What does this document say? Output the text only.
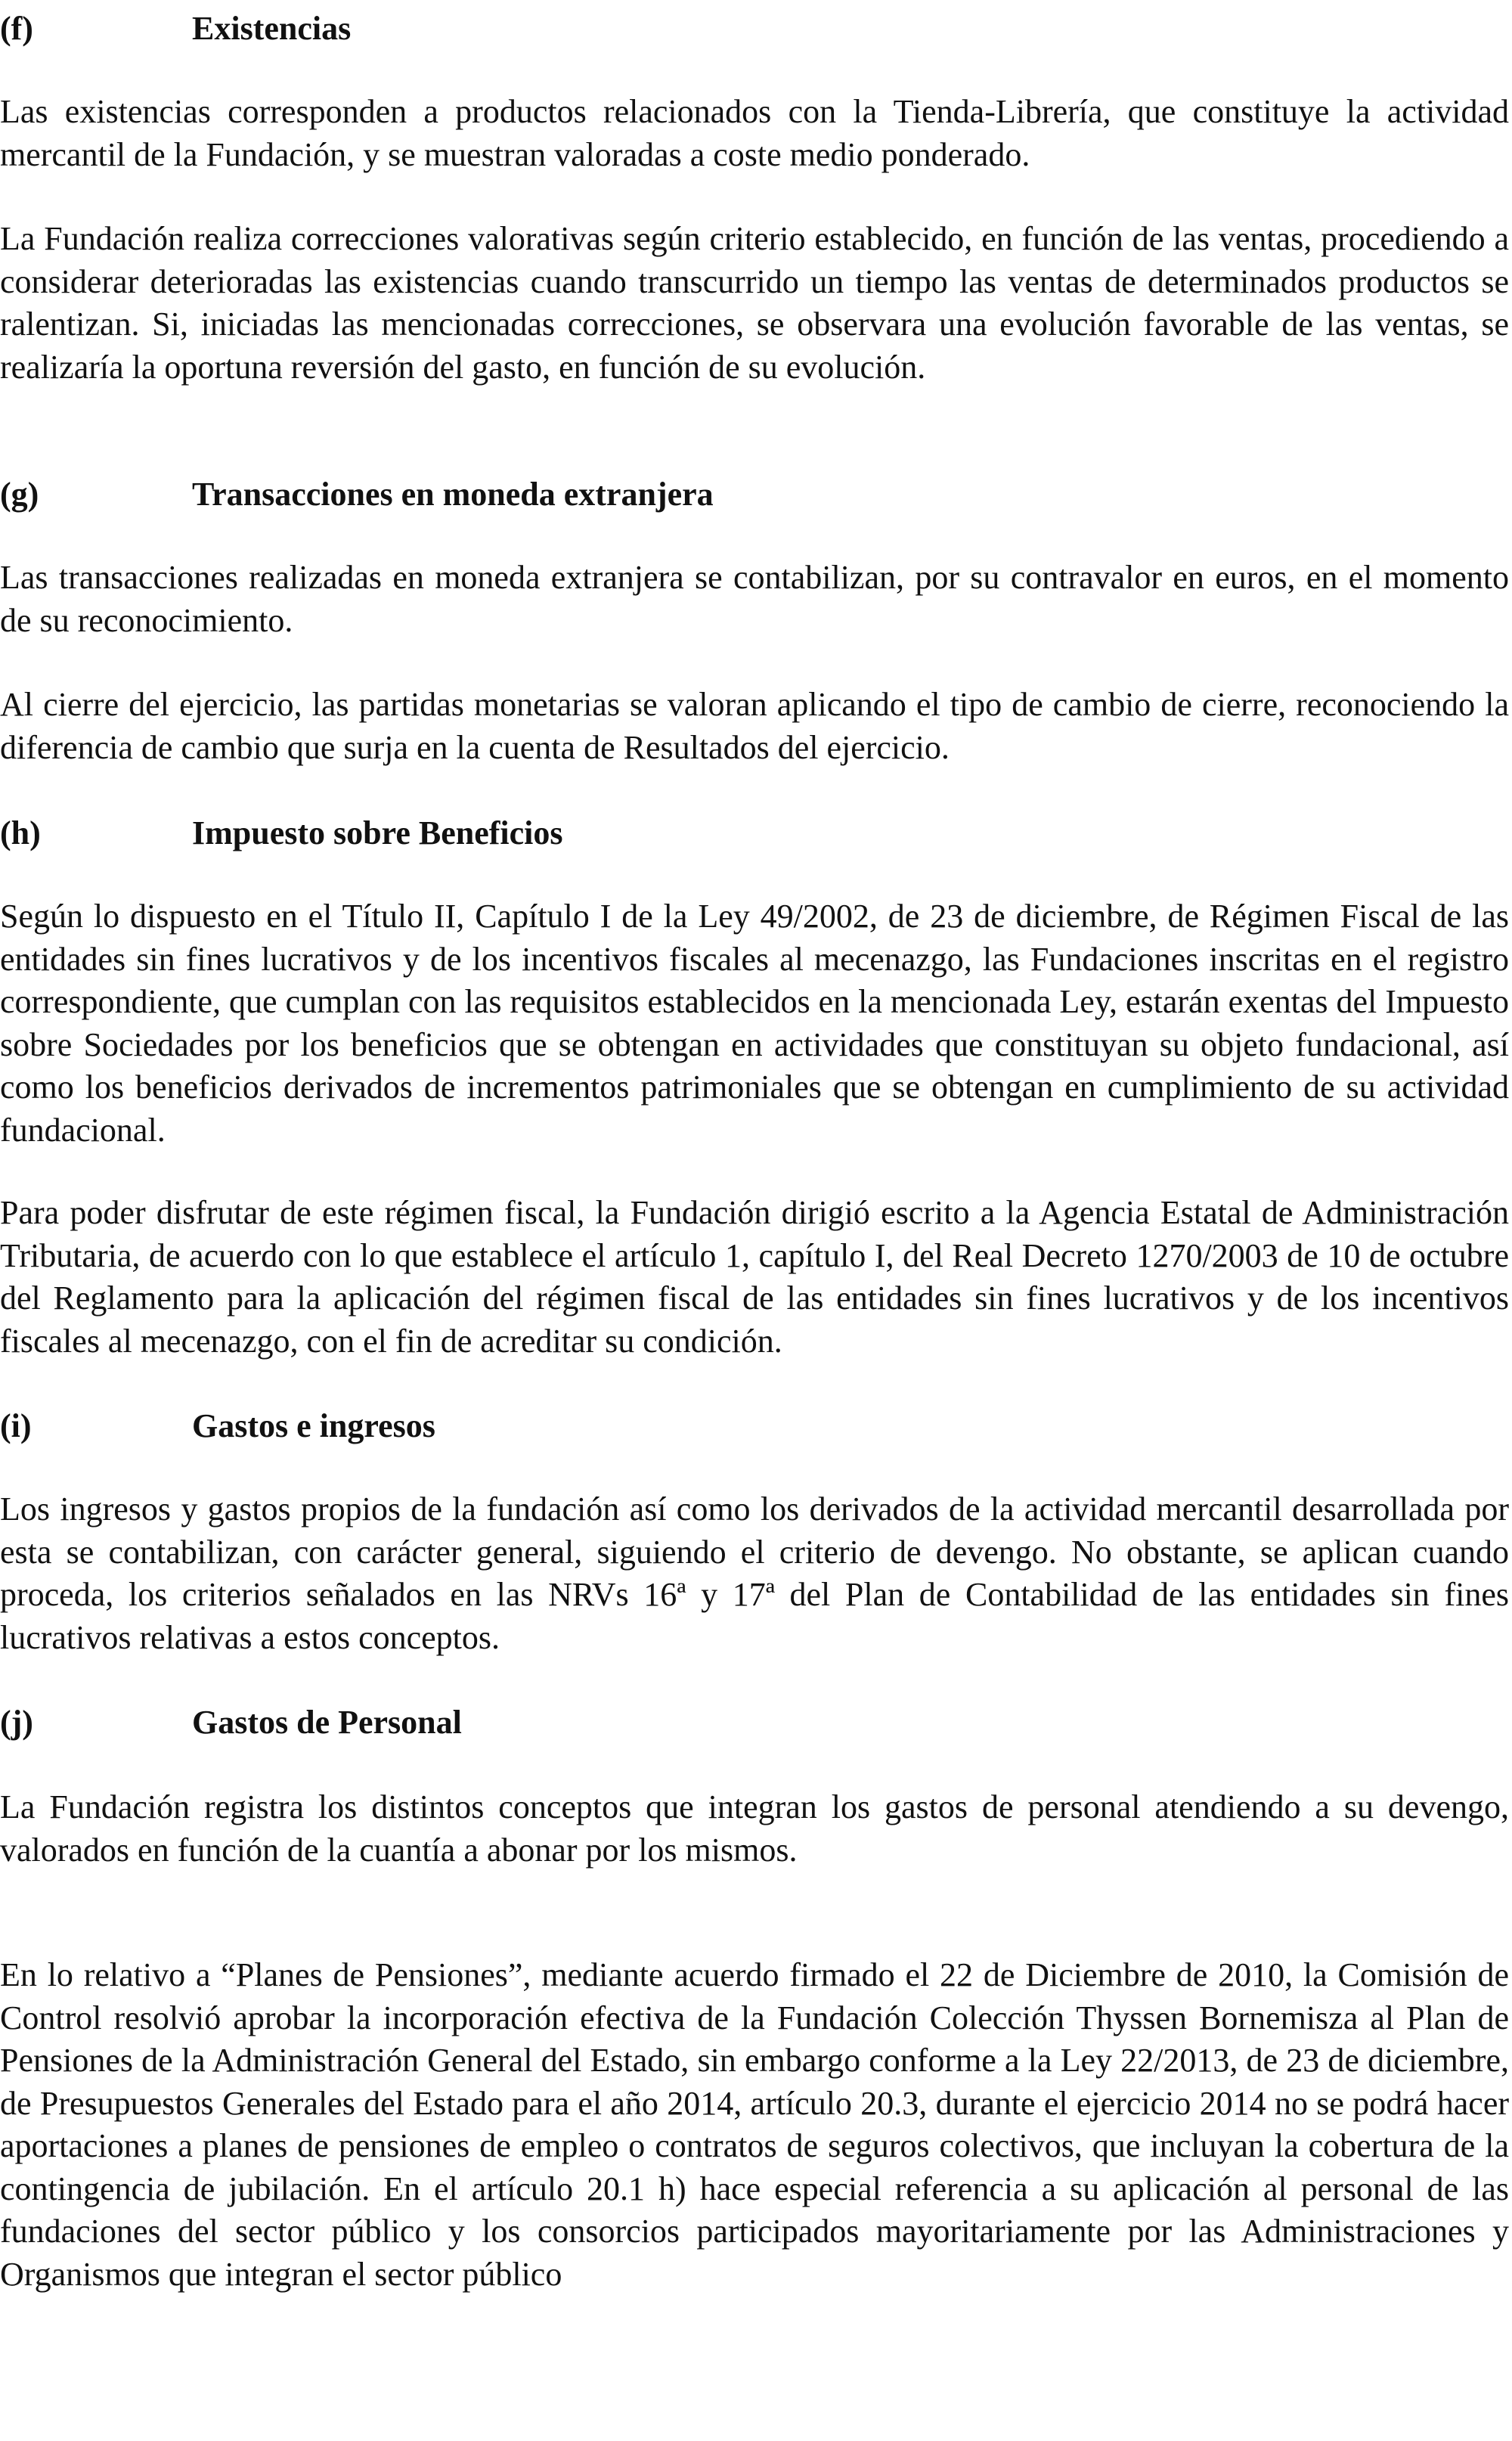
(f)	Existencias

Las existencias corresponden a productos relacionados con la Tienda-Librería, que constituye la actividad mercantil de la Fundación, y se muestran valoradas a coste medio ponderado.

La Fundación realiza correcciones valorativas según criterio establecido, en función de las ventas, procediendo a considerar deterioradas las existencias cuando transcurrido un tiempo las ventas de determinados productos se ralentizan. Si, iniciadas las mencionadas correcciones, se observara una evolución favorable de las ventas, se realizaría la oportuna reversión del gasto, en función de su evolución.

(g)	Transacciones en moneda extranjera

Las transacciones realizadas en moneda extranjera se contabilizan, por su contravalor en euros, en el momento de su reconocimiento.

Al cierre del ejercicio, las partidas monetarias se valoran aplicando el tipo de cambio de cierre, reconociendo la diferencia de cambio que surja en la cuenta de Resultados del ejercicio.

(h)	Impuesto sobre Beneficios

Según lo dispuesto en el Título II, Capítulo I de la Ley 49/2002, de 23 de diciembre, de Régimen Fiscal de las entidades sin fines lucrativos y de los incentivos fiscales al mecenazgo, las Fundaciones inscritas en el registro correspondiente, que cumplan con las requisitos establecidos en la mencionada Ley, estarán exentas del Impuesto sobre Sociedades por los beneficios que se obtengan en actividades que constituyan su objeto fundacional, así como los beneficios derivados de incrementos patrimoniales que se obtengan en cumplimiento de su actividad fundacional.

Para poder disfrutar de este régimen fiscal, la Fundación dirigió escrito a la Agencia Estatal de Administración Tributaria, de acuerdo con lo que establece el artículo 1, capítulo I, del Real Decreto 1270/2003 de 10 de octubre del Reglamento para la aplicación del régimen fiscal de las entidades sin fines lucrativos y de los incentivos fiscales al mecenazgo, con el fin de acreditar su condición.

(i)	Gastos e ingresos

Los ingresos y gastos propios de la fundación así como los derivados de la actividad mercantil desarrollada por esta se contabilizan, con carácter general, siguiendo el criterio de devengo. No obstante, se aplican cuando proceda, los criterios señalados en las NRVs 16ª y 17ª del Plan de Contabilidad de las entidades sin fines lucrativos relativas a estos conceptos.

(j)	Gastos de Personal

La Fundación registra los distintos conceptos que integran los gastos de personal atendiendo a su devengo, valorados en función de la cuantía a abonar por los mismos.

En lo relativo a “Planes de Pensiones”, mediante acuerdo firmado el 22 de Diciembre de 2010, la Comisión de Control resolvió aprobar la incorporación efectiva de la Fundación Colección Thyssen Bornemisza al Plan de Pensiones de la Administración General del Estado, sin embargo conforme a la Ley 22/2013, de 23 de diciembre, de Presupuestos Generales del Estado para el año 2014, artículo 20.3, durante el ejercicio 2014 no se podrá hacer aportaciones a planes de pensiones de empleo o contratos de seguros colectivos, que incluyan la cobertura de la contingencia de jubilación. En el artículo 20.1 h) hace especial referencia a su aplicación al personal de las fundaciones del sector público y los consorcios participados mayoritariamente por las Administraciones y Organismos que integran el sector público
